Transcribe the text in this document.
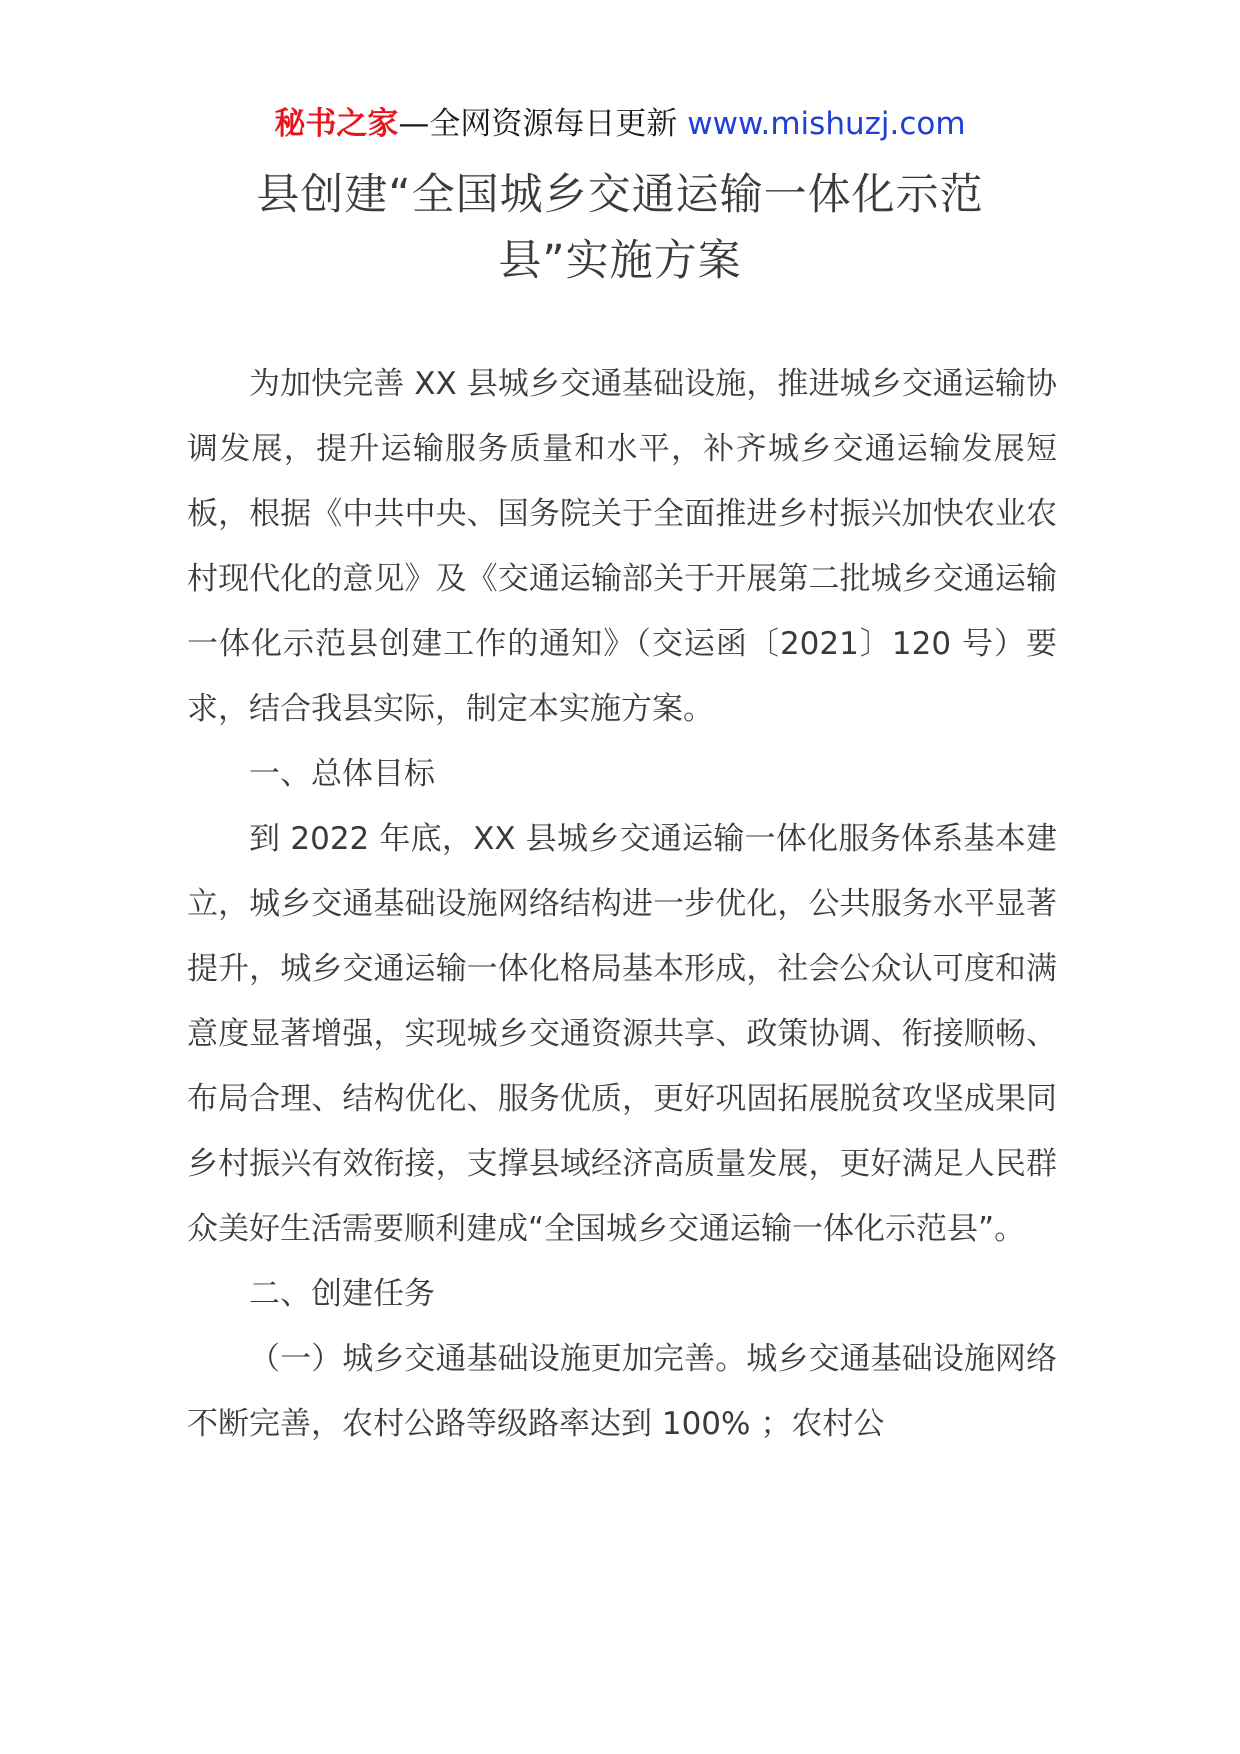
秘书之家—全网资源每日更新 www.mishuzj.com
县创建“全国城乡交通运输一体化示范
县”实施方案

为加快完善 XX 县城乡交通基础设施，推进城乡交通运输协调发展，提升运输服务质量和水平，补齐城乡交通运输发展短板，根据《中共中央、国务院关于全面推进乡村振兴加快农业农村现代化的意见》及《交通运输部关于开展第二批城乡交通运输一体化示范县创建工作的通知》（交运函〔2021〕120 号）要求，结合我县实际，制定本实施方案。

一、总体目标

到 2022 年底，XX 县城乡交通运输一体化服务体系基本建立，城乡交通基础设施网络结构进一步优化，公共服务水平显著提升，城乡交通运输一体化格局基本形成，社会公众认可度和满意度显著增强，实现城乡交通资源共享、政策协调、衔接顺畅、布局合理、结构优化、服务优质，更好巩固拓展脱贫攻坚成果同乡村振兴有效衔接，支撑县域经济高质量发展，更好满足人民群众美好生活需要顺利建成“全国城乡交通运输一体化示范县”。

二、创建任务

（一）城乡交通基础设施更加完善。城乡交通基础设施网络不断完善，农村公路等级路率达到 100% ；农村公
